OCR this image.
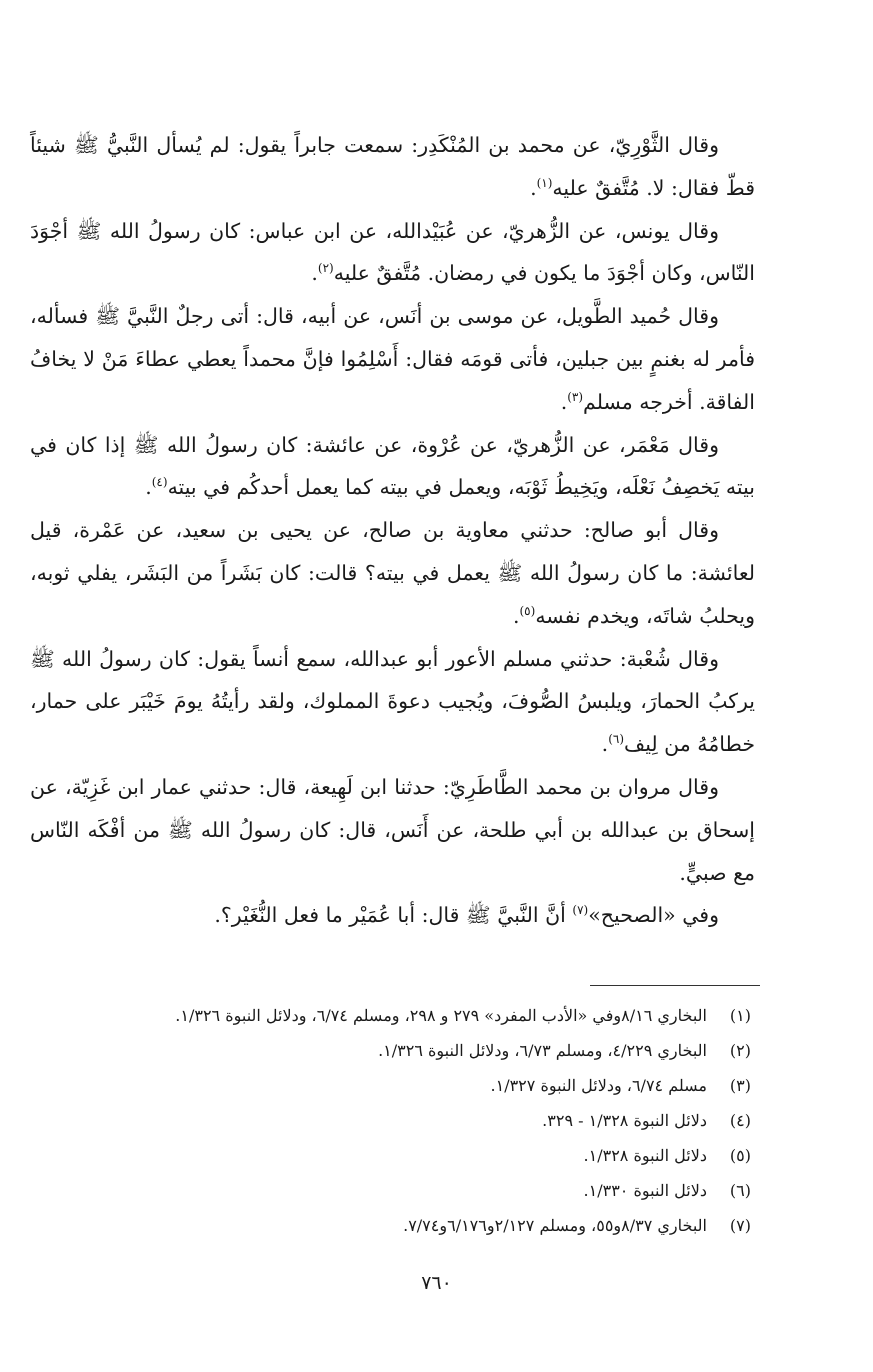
وقال الثَّوْرِيّ، عن محمد بن المُنْكَدِر: سمعت جابراً يقول: لم يُسأل النَّبيُّ ﷺ شيئاً قطّ فقال: لا. مُتَّفقٌ عليه$^{(١)}$.

وقال يونس، عن الزُّهريّ، عن عُبَيْدالله، عن ابن عباس: كان رسولُ الله ﷺ أجْوَدَ النّاس، وكان أجْوَدَ ما يكون في رمضان. مُتَّفقٌ عليه$^{(٢)}$.

وقال حُميد الطَّويل، عن موسى بن أنَس، عن أبيه، قال: أتى رجلٌ النَّبيَّ ﷺ فسأله، فأمر له بغنمٍ بين جبلين، فأتى قومَه فقال: أَسْلِمُوا فإنَّ محمداً يعطي عطاءَ مَنْ لا يخافُ الفاقة. أخرجه مسلم$^{(٣)}$.

وقال مَعْمَر، عن الزُّهريّ، عن عُرْوة، عن عائشة: كان رسولُ الله ﷺ إذا كان في بيته يَخصِفُ نَعْلَه، ويَخِيطُ ثَوْبَه، ويعمل في بيته كما يعمل أحدكُم في بيته$^{(٤)}$.

وقال أبو صالح: حدثني معاوية بن صالح، عن يحيى بن سعيد، عن عَمْرة، قيل لعائشة: ما كان رسولُ الله ﷺ يعمل في بيته؟ قالت: كان بَشَراً من البَشَر، يفلي ثوبه، ويحلبُ شاتَه، ويخدم نفسه$^{(٥)}$.

وقال شُعْبة: حدثني مسلم الأعور أبو عبدالله، سمع أنساً يقول: كان رسولُ الله ﷺ يركبُ الحمارَ، ويلبسُ الصُّوفَ، ويُجيب دعوةَ المملوك، ولقد رأيتُهُ يومَ خَيْبَر على حمار، خطامُهُ من لِيف$^{(٦)}$.

وقال مروان بن محمد الطَّاطَرِيّ: حدثنا ابن لَهِيعة، قال: حدثني عمار ابن غَزِيّة، عن إسحاق بن عبدالله بن أبي طلحة، عن أَنَس، قال: كان رسولُ الله ﷺ من أفْكَه النّاس مع صبيٍّ.

وفي «الصحيح»$^{(٧)}$ أنَّ النَّبيَّ ﷺ قال: أبا عُمَيْر ما فعل النُّغَيْر؟.

(١)
البخاري ٨/١٦وفي «الأدب المفرد» ٢٧٩ و ٢٩٨، ومسلم ٦/٧٤، ودلائل النبوة ١/٣٢٦.
(٢)
البخاري ٤/٢٢٩، ومسلم ٦/٧٣، ودلائل النبوة ١/٣٢٦.
(٣)
مسلم ٦/٧٤، ودلائل النبوة ١/٣٢٧.
(٤)
دلائل النبوة ١/٣٢٨ - ٣٢٩.
(٥)
دلائل النبوة ١/٣٢٨.
(٦)
دلائل النبوة ١/٣٣٠.
(٧)
البخاري ٨/٣٧و٥٥، ومسلم ٢/١٢٧و٦/١٧٦و٧/٧٤.
٧٦٠
